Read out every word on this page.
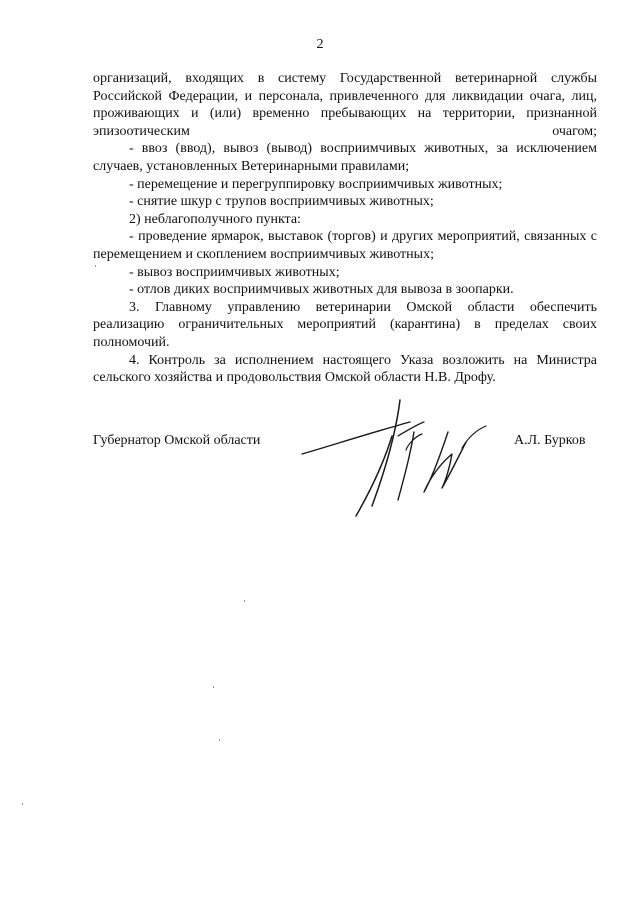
2

организаций, входящих в систему Государственной ветеринарной службы Российской Федерации, и персонала, привлеченного для ликвидации очага, лиц, проживающих и (или) временно пребывающих на территории, признанной эпизоотическим очагом;

- ввоз (ввод), вывоз (вывод) восприимчивых животных, за исключением случаев, установленных Ветеринарными правилами;

- перемещение и перегруппировку восприимчивых животных;

- снятие шкур с трупов восприимчивых животных;

2) неблагополучного пункта:

- проведение ярмарок, выставок (торгов) и других мероприятий, связанных с перемещением и скоплением восприимчивых животных;

- вывоз восприимчивых животных;

- отлов диких восприимчивых животных для вывоза в зоопарки.

3. Главному управлению ветеринарии Омской области обеспечить реализацию ограничительных мероприятий (карантина) в пределах своих полномочий.

4. Контроль за исполнением настоящего Указа возложить на Министра сельского хозяйства и продовольствия Омской области Н.В. Дрофу.

Губернатор Омской области	А.Л. Бурков
